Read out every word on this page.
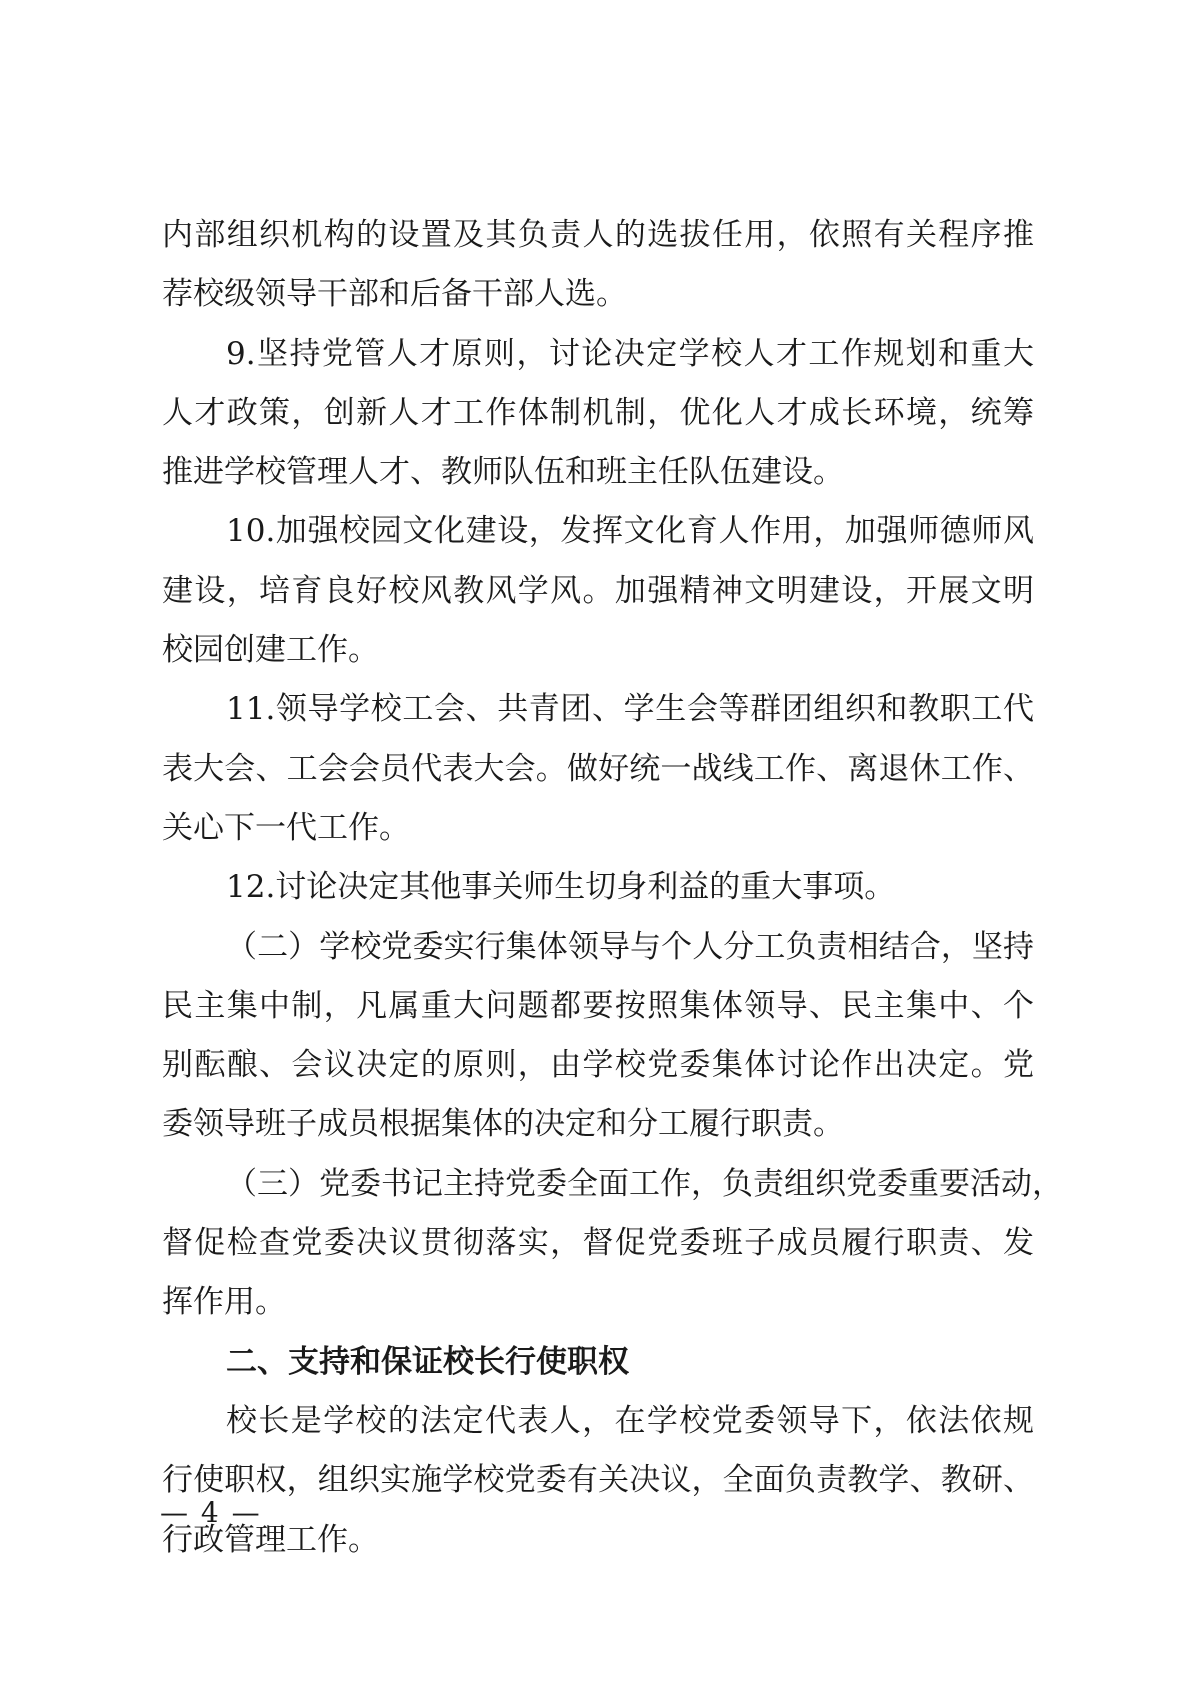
内部组织机构的设置及其负责人的选拔任用，依照有关程序推
荐校级领导干部和后备干部人选。
9.坚持党管人才原则，讨论决定学校人才工作规划和重大
人才政策，创新人才工作体制机制，优化人才成长环境，统筹
推进学校管理人才、教师队伍和班主任队伍建设。
10.加强校园文化建设，发挥文化育人作用，加强师德师风
建设，培育良好校风教风学风。加强精神文明建设，开展文明
校园创建工作。
11.领导学校工会、共青团、学生会等群团组织和教职工代
表大会、工会会员代表大会。做好统一战线工作、离退休工作、
关心下一代工作。
12.讨论决定其他事关师生切身利益的重大事项。
（二）学校党委实行集体领导与个人分工负责相结合，坚持
民主集中制，凡属重大问题都要按照集体领导、民主集中、个
别酝酿、会议决定的原则，由学校党委集体讨论作出决定。党
委领导班子成员根据集体的决定和分工履行职责。
（三）党委书记主持党委全面工作，负责组织党委重要活动，
督促检查党委决议贯彻落实，督促党委班子成员履行职责、发
挥作用。
二、支持和保证校长行使职权
校长是学校的法定代表人，在学校党委领导下，依法依规
行使职权，组织实施学校党委有关决议，全面负责教学、教研、
行政管理工作。
— 4 —
